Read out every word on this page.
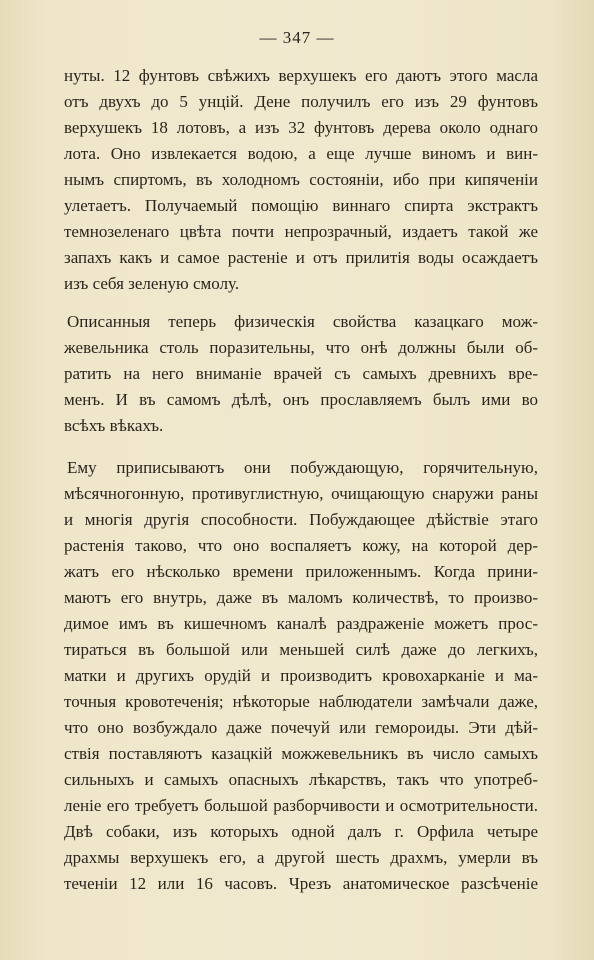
— 347 —
нуты. 12 фунтовъ свѣжихъ верхушекъ его даютъ этого масла
отъ двухъ до 5 унцій. Дене получилъ его изъ 29 фунтовъ
верхушекъ 18 лотовъ, а изъ 32 фунтовъ дерева около однаго
лота. Оно извлекается водою, а еще лучше виномъ и вин-
нымъ спиртомъ, въ холодномъ состояніи, ибо при кипяченіи
улетаетъ. Получаемый помощію виннаго спирта экстрактъ
темнозеленаго цвѣта почти непрозрачный, издаетъ такой же
запахъ какъ и самое растеніе и отъ прилитія воды осаждаетъ
изъ себя зеленую смолу.
Описанныя теперь физическія свойства казацкаго мож-
жевельника столь поразительны, что онѣ должны были об-
ратить на него вниманіе врачей съ самыхъ древнихъ вре-
менъ. И въ самомъ дѣлѣ, онъ прославляемъ былъ ими во
всѣхъ вѣкахъ.
Ему приписываютъ они побуждающую, горячительную,
мѣсячногонную, противуглистную, очищающую снаружи раны
и многія другія способности. Побуждающее дѣйствіе этаго
растенія таково, что оно воспаляетъ кожу, на которой дер-
жатъ его нѣсколько времени приложеннымъ. Когда прини-
маютъ его внутрь, даже въ маломъ количествѣ, то произво-
димое имъ въ кишечномъ каналѣ раздраженіе можетъ прос-
тираться въ большой или меньшей силѣ даже до легкихъ,
матки и другихъ орудій и производитъ кровохарканіе и ма-
точныя кровотеченія; нѣкоторые наблюдатели замѣчали даже,
что оно возбуждало даже почечуй или гемороиды. Эти дѣй-
ствія поставляютъ казацкій можжевельникъ въ число самыхъ
сильныхъ и самыхъ опасныхъ лѣкарствъ, такъ что употреб-
леніе его требуетъ большой разборчивости и осмотрительности.
Двѣ собаки, изъ которыхъ одной далъ г. Орфила четыре
драхмы верхушекъ его, а другой шесть драхмъ, умерли въ
теченіи 12 или 16 часовъ. Чрезъ анатомическое разсѣченіе
